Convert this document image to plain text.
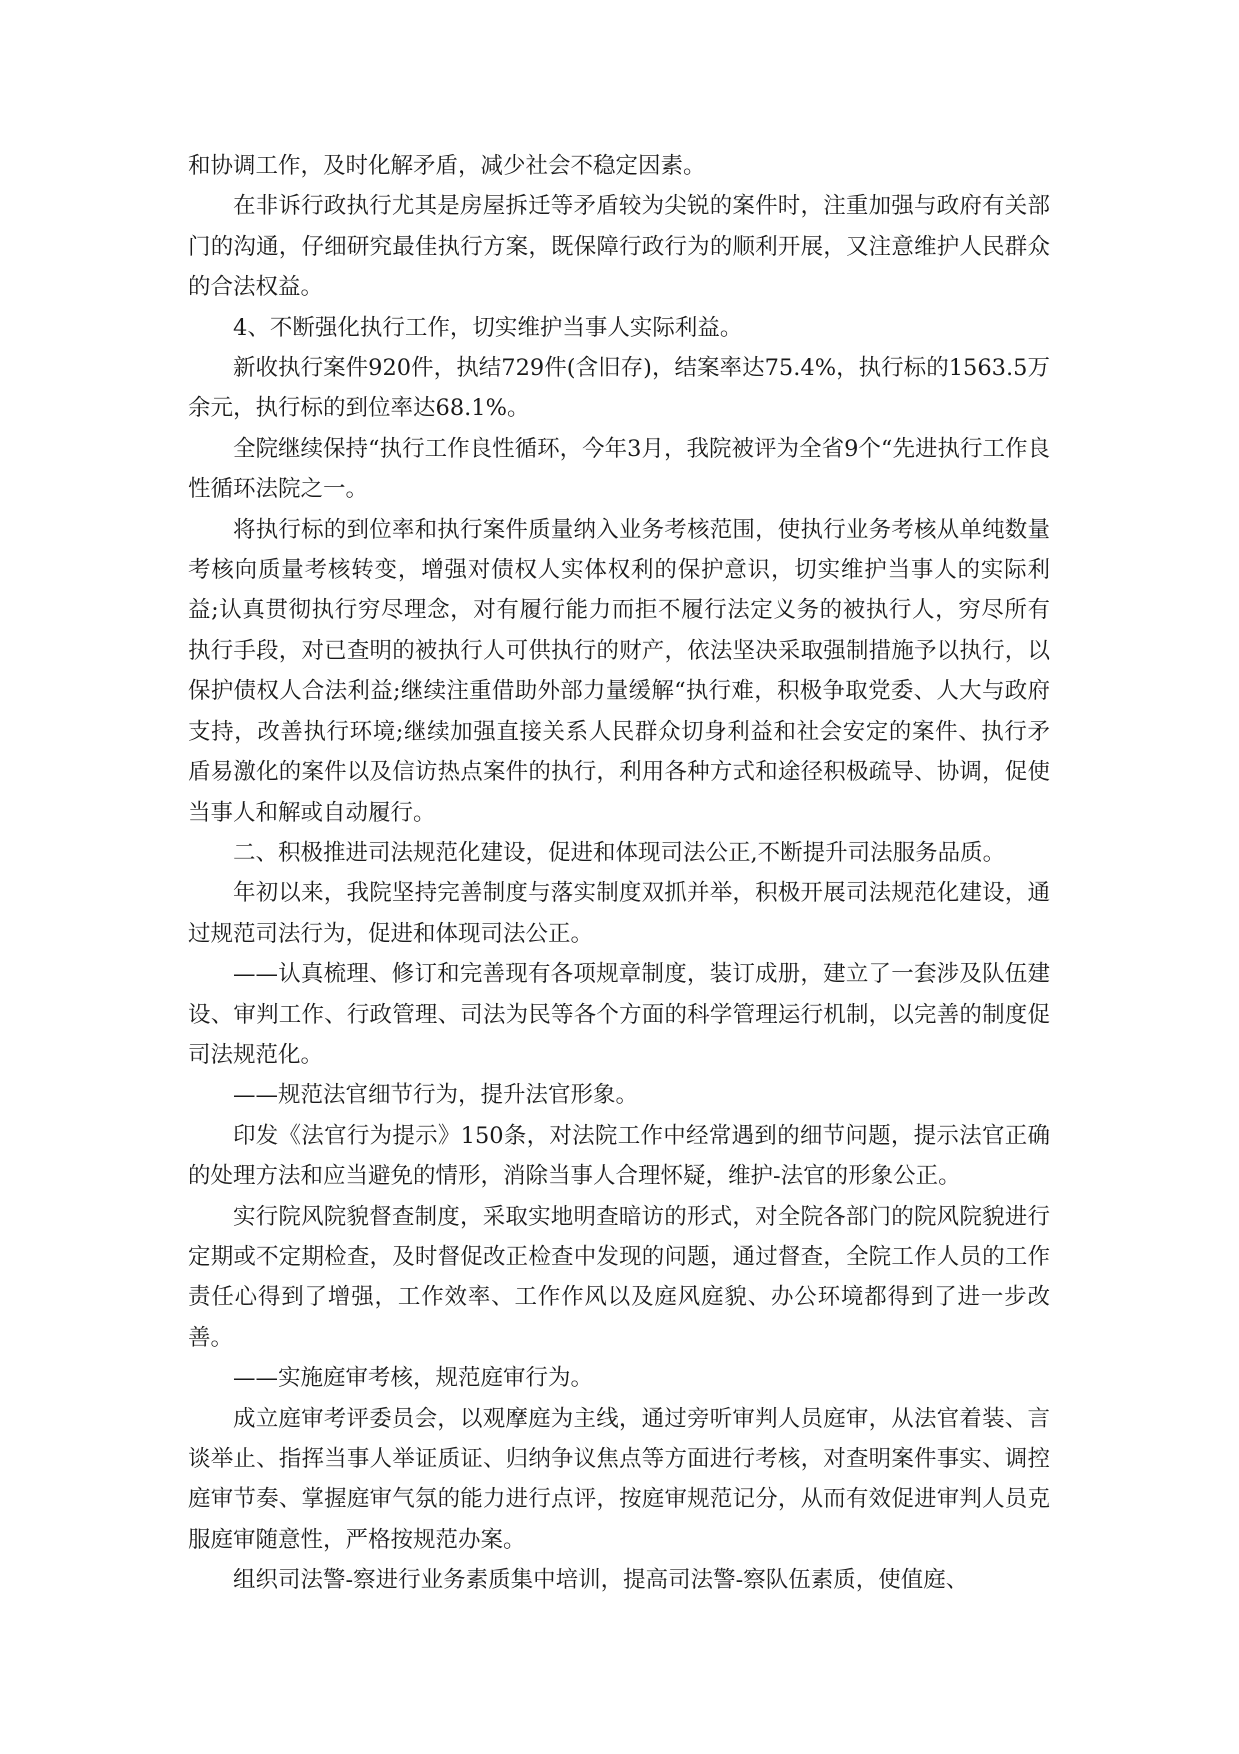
和协调工作，及时化解矛盾，减少社会不稳定因素。

在非诉行政执行尤其是房屋拆迁等矛盾较为尖锐的案件时，注重加强与政府有关部门的沟通，仔细研究最佳执行方案，既保障行政行为的顺利开展，又注意维护人民群众的合法权益。

4、不断强化执行工作，切实维护当事人实际利益。

新收执行案件920件，执结729件(含旧存)，结案率达75.4%，执行标的1563.5万余元，执行标的到位率达68.1%。

全院继续保持“执行工作良性循环，今年3月，我院被评为全省9个“先进执行工作良性循环法院之一。

将执行标的到位率和执行案件质量纳入业务考核范围，使执行业务考核从单纯数量考核向质量考核转变，增强对债权人实体权利的保护意识，切实维护当事人的实际利益;认真贯彻执行穷尽理念，对有履行能力而拒不履行法定义务的被执行人，穷尽所有执行手段，对已查明的被执行人可供执行的财产，依法坚决采取强制措施予以执行，以保护债权人合法利益;继续注重借助外部力量缓解“执行难，积极争取党委、人大与政府支持，改善执行环境;继续加强直接关系人民群众切身利益和社会安定的案件、执行矛盾易激化的案件以及信访热点案件的执行，利用各种方式和途径积极疏导、协调，促使当事人和解或自动履行。

二、积极推进司法规范化建设，促进和体现司法公正,不断提升司法服务品质。

年初以来，我院坚持完善制度与落实制度双抓并举，积极开展司法规范化建设，通过规范司法行为，促进和体现司法公正。

——认真梳理、修订和完善现有各项规章制度，装订成册，建立了一套涉及队伍建设、审判工作、行政管理、司法为民等各个方面的科学管理运行机制，以完善的制度促司法规范化。

——规范法官细节行为，提升法官形象。

印发《法官行为提示》150条，对法院工作中经常遇到的细节问题，提示法官正确的处理方法和应当避免的情形，消除当事人合理怀疑，维护-法官的形象公正。

实行院风院貌督查制度，采取实地明查暗访的形式，对全院各部门的院风院貌进行定期或不定期检查，及时督促改正检查中发现的问题，通过督查，全院工作人员的工作责任心得到了增强，工作效率、工作作风以及庭风庭貌、办公环境都得到了进一步改善。

——实施庭审考核，规范庭审行为。

成立庭审考评委员会，以观摩庭为主线，通过旁听审判人员庭审，从法官着装、言谈举止、指挥当事人举证质证、归纳争议焦点等方面进行考核，对查明案件事实、调控庭审节奏、掌握庭审气氛的能力进行点评，按庭审规范记分，从而有效促进审判人员克服庭审随意性，严格按规范办案。

组织司法警-察进行业务素质集中培训，提高司法警-察队伍素质，使值庭、
